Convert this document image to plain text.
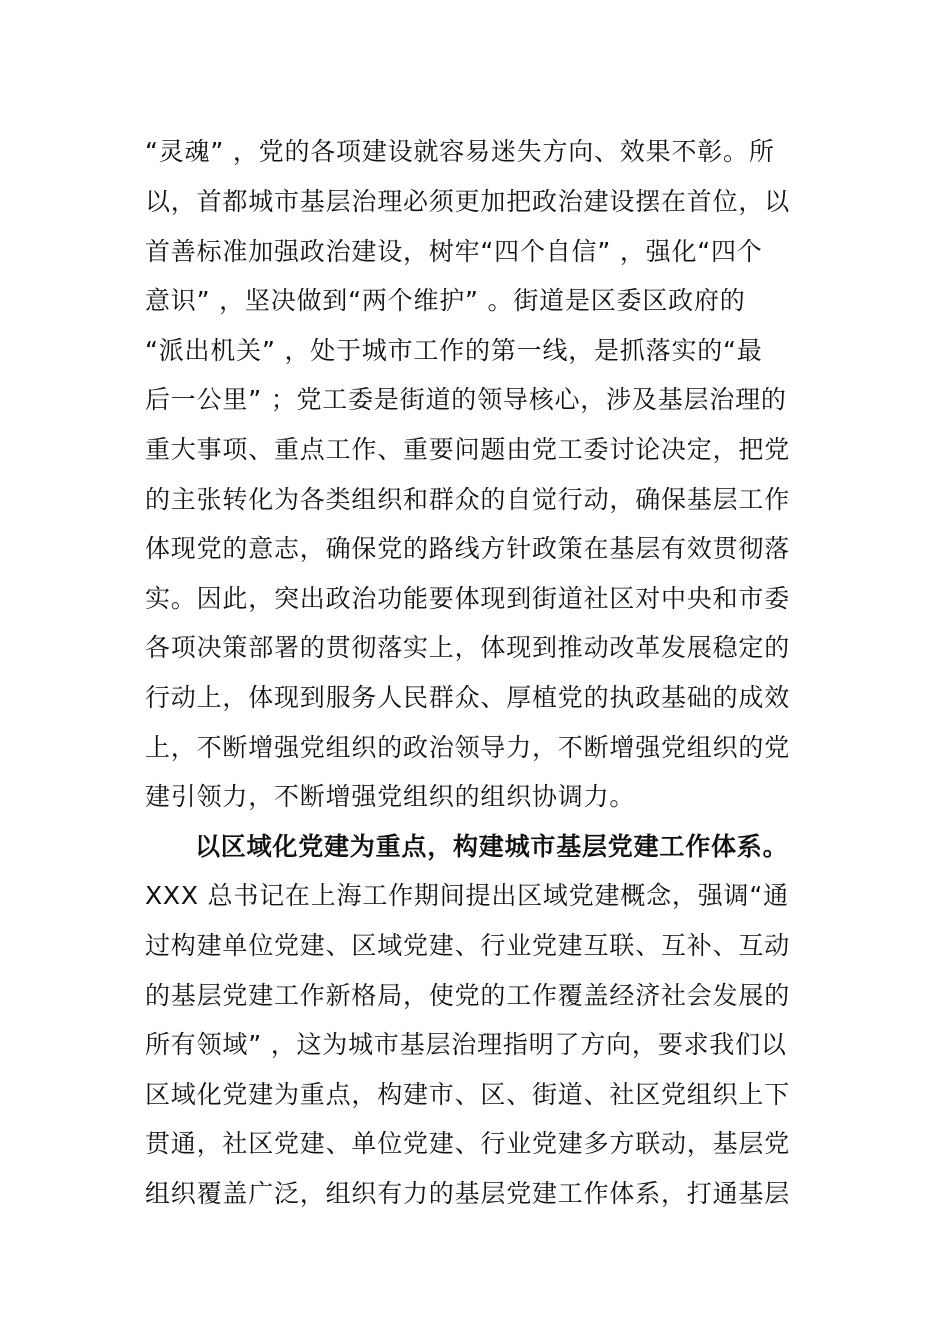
“灵魂” ，党的各项建设就容易迷失方向、效果不彰。所
以，首都城市基层治理必须更加把政治建设摆在首位，以
首善标准加强政治建设，树牢“四个自信” ，强化“四个
意识” ，坚决做到“两个维护” 。街道是区委区政府的
“派出机关” ，处于城市工作的第一线，是抓落实的“最
后一公里” ；党工委是街道的领导核心，涉及基层治理的
重大事项、重点工作、重要问题由党工委讨论决定，把党
的主张转化为各类组织和群众的自觉行动，确保基层工作
体现党的意志，确保党的路线方针政策在基层有效贯彻落
实。因此，突出政治功能要体现到街道社区对中央和市委
各项决策部署的贯彻落实上，体现到推动改革发展稳定的
行动上，体现到服务人民群众、厚植党的执政基础的成效
上，不断增强党组织的政治领导力，不断增强党组织的党
建引领力，不断增强党组织的组织协调力。
以区域化党建为重点，构建城市基层党建工作体系。
XXX 总书记在上海工作期间提出区域党建概念，强调“通
过构建单位党建、区域党建、行业党建互联、互补、互动
的基层党建工作新格局，使党的工作覆盖经济社会发展的
所有领域” ，这为城市基层治理指明了方向，要求我们以
区域化党建为重点，构建市、区、街道、社区党组织上下
贯通，社区党建、单位党建、行业党建多方联动，基层党
组织覆盖广泛，组织有力的基层党建工作体系，打通基层
